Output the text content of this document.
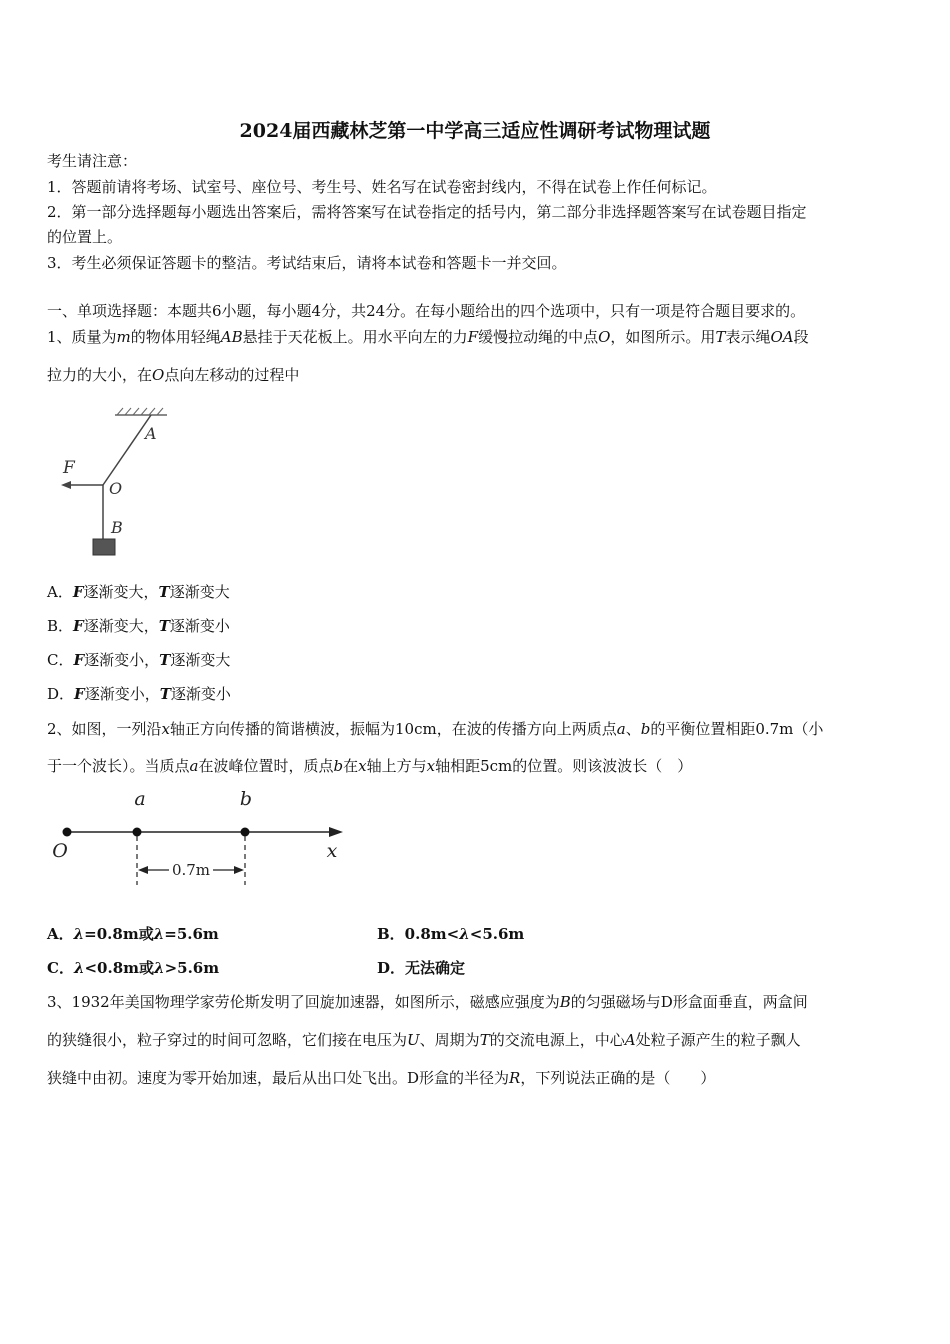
2024届西藏林芝第一中学高三适应性调研考试物理试题
考生请注意：
1．答题前请将考场、试室号、座位号、考生号、姓名写在试卷密封线内，不得在试卷上作任何标记。
2．第一部分选择题每小题选出答案后，需将答案写在试卷指定的括号内，第二部分非选择题答案写在试卷题目指定
的位置上。
3．考生必须保证答题卡的整洁。考试结束后，请将本试卷和答题卡一并交回。
一、单项选择题：本题共6小题，每小题4分，共24分。在每小题给出的四个选项中，只有一项是符合题目要求的。
1、质量为m的物体用轻绳AB悬挂于天花板上。用水平向左的力F缓慢拉动绳的中点O，如图所示。用T表示绳OA段
拉力的大小，在O点向左移动的过程中
A
O
F
B
A．F逐渐变大，T逐渐变大
B．F逐渐变大，T逐渐变小
C．F逐渐变小，T逐渐变大
D．F逐渐变小，T逐渐变小
2、如图，一列沿x轴正方向传播的简谐横波，振幅为10cm，在波的传播方向上两质点a、b的平衡位置相距0.7m（小
于一个波长）。当质点a在波峰位置时，质点b在x轴上方与x轴相距5cm的位置。则该波波长（　）
0.7m
a	b
O	x
A．λ=0.8m或λ=5.6m	B．0.8m<λ<5.6m
C．λ<0.8m或λ>5.6m	D．无法确定
3、1932年美国物理学家劳伦斯发明了回旋加速器，如图所示，磁感应强度为B的匀强磁场与D形盒面垂直，两盒间
的狭缝很小，粒子穿过的时间可忽略，它们接在电压为U、周期为T的交流电源上，中心A处粒子源产生的粒子飘人
狭缝中由初。速度为零开始加速，最后从出口处飞出。D形盒的半径为R，下列说法正确的是（　　）
